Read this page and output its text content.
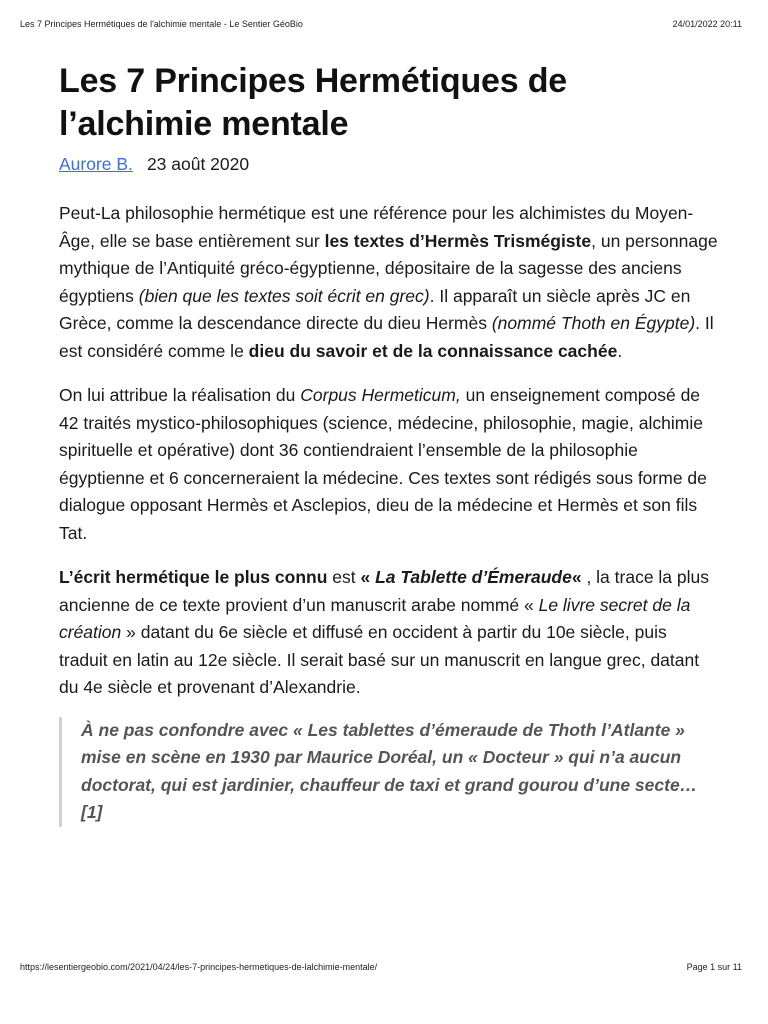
Les 7 Principes Hermétiques de l'alchimie mentale - Le Sentier GéoBio	24/01/2022 20:11
Les 7 Principes Hermétiques de
l’alchimie mentale
Aurore B. 23 août 2020

Peut-La philosophie hermétique est une référence pour les alchimistes du Moyen-Âge, elle se base entièrement sur les textes d’Hermès Trismégiste, un personnage mythique de l’Antiquité gréco-égyptienne, dépositaire de la sagesse des anciens égyptiens (bien que les textes soit écrit en grec). Il apparaît un siècle après JC en Grèce, comme la descendance directe du dieu Hermès (nommé Thoth en Égypte). Il est considéré comme le dieu du savoir et de la connaissance cachée.

On lui attribue la réalisation du Corpus Hermeticum, un enseignement composé de 42 traités mystico-philosophiques (science, médecine, philosophie, magie, alchimie spirituelle et opérative) dont 36 contiendraient l’ensemble de la philosophie égyptienne et 6 concerneraient la médecine. Ces textes sont rédigés sous forme de dialogue opposant Hermès et Asclepios, dieu de la médecine et Hermès et son fils Tat.

L’écrit hermétique le plus connu est « La Tablette d’Émeraude« , la trace la plus ancienne de ce texte provient d’un manuscrit arabe nommé « Le livre secret de la création » datant du 6e siècle et diffusé en occident à partir du 10e siècle, puis traduit en latin au 12e siècle. Il serait basé sur un manuscrit en langue grec, datant du 4e siècle et provenant d’Alexandrie.

À ne pas confondre avec « Les tablettes d’émeraude de Thoth l’Atlante » mise en scène en 1930 par Maurice Doréal, un « Docteur » qui n’a aucun doctorat, qui est jardinier, chauffeur de taxi et grand gourou d’une secte… [1]
https://lesentiergeobio.com/2021/04/24/les-7-principes-hermetiques-de-lalchimie-mentale/	Page 1 sur 11
